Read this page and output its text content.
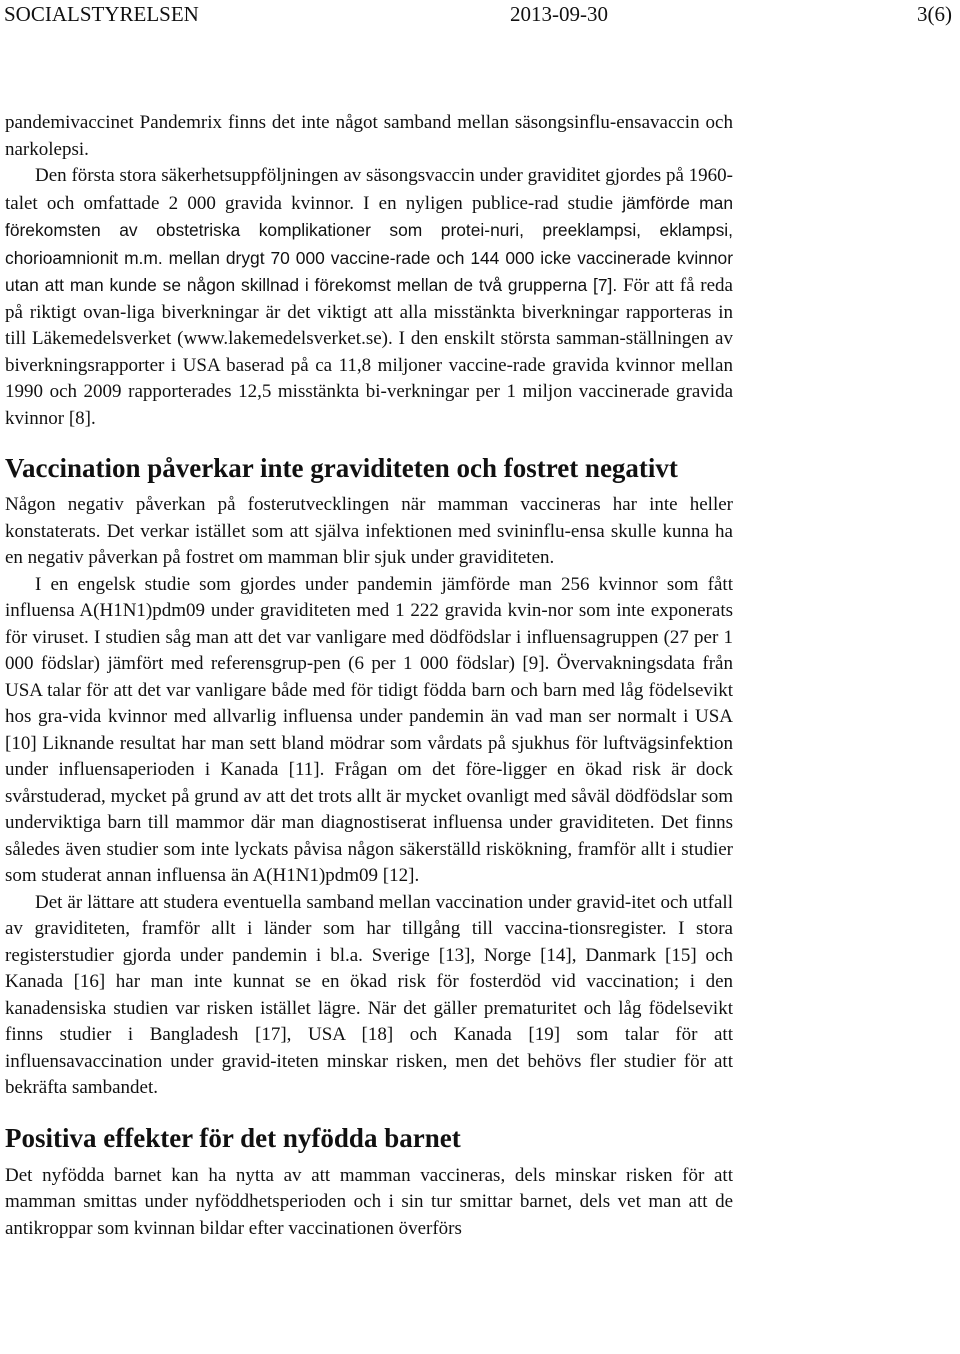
SOCIALSTYRELSEN	2013-09-30	3(6)

pandemivaccinet Pandemrix finns det inte något samband mellan säsongsinflu-ensavaccin och narkolepsi.

Den första stora säkerhetsuppföljningen av säsongsvaccin under graviditet gjordes på 1960-talet och omfattade 2 000 gravida kvinnor. I en nyligen publice-rad studie jämförde man förekomsten av obstetriska komplikationer som protei-nuri, preeklampsi, eklampsi, chorioamnionit m.m. mellan drygt 70 000 vaccine-rade och 144 000 icke vaccinerade kvinnor utan att man kunde se någon skillnad i förekomst mellan de två grupperna [7]. För att få reda på riktigt ovan-liga biverkningar är det viktigt att alla misstänkta biverkningar rapporteras in till Läkemedelsverket (www.lakemedelsverket.se). I den enskilt största samman-ställningen av biverkningsrapporter i USA baserad på ca 11,8 miljoner vaccine-rade gravida kvinnor mellan 1990 och 2009 rapporterades 12,5 misstänkta bi-verkningar per 1 miljon vaccinerade gravida kvinnor [8].

Vaccination påverkar inte graviditeten och fostret negativt

Någon negativ påverkan på fosterutvecklingen när mamman vaccineras har inte heller konstaterats. Det verkar istället som att själva infektionen med svininflu-ensa skulle kunna ha en negativ påverkan på fostret om mamman blir sjuk under graviditeten.

I en engelsk studie som gjordes under pandemin jämförde man 256 kvinnor som fått influensa A(H1N1)pdm09 under graviditeten med 1 222 gravida kvin-nor som inte exponerats för viruset. I studien såg man att det var vanligare med dödfödslar i influensagruppen (27 per 1 000 födslar) jämfört med referensgrup-pen (6 per 1 000 födslar) [9]. Övervakningsdata från USA talar för att det var vanligare både med för tidigt födda barn och barn med låg födelsevikt hos gra-vida kvinnor med allvarlig influensa under pandemin än vad man ser normalt i USA [10] Liknande resultat har man sett bland mödrar som vårdats på sjukhus för luftvägsinfektion under influensaperioden i Kanada [11]. Frågan om det före-ligger en ökad risk är dock svårstuderad, mycket på grund av att det trots allt är mycket ovanligt med såväl dödfödslar som underviktiga barn till mammor där man diagnostiserat influensa under graviditeten. Det finns således även studier som inte lyckats påvisa någon säkerställd riskökning, framför allt i studier som studerat annan influensa än A(H1N1)pdm09 [12].

Det är lättare att studera eventuella samband mellan vaccination under gravid-itet och utfall av graviditeten, framför allt i länder som har tillgång till vaccina-tionsregister. I stora registerstudier gjorda under pandemin i bl.a. Sverige [13], Norge [14], Danmark [15] och Kanada [16] har man inte kunnat se en ökad risk för fosterdöd vid vaccination; i den kanadensiska studien var risken istället lägre. När det gäller prematuritet och låg födelsevikt finns studier i Bangladesh [17], USA [18] och Kanada [19] som talar för att influensavaccination under gravid-iteten minskar risken, men det behövs fler studier för att bekräfta sambandet.

Positiva effekter för det nyfödda barnet

Det nyfödda barnet kan ha nytta av att mamman vaccineras, dels minskar risken för att mamman smittas under nyföddhetsperioden och i sin tur smittar barnet, dels vet man att de antikroppar som kvinnan bildar efter vaccinationen överförs
